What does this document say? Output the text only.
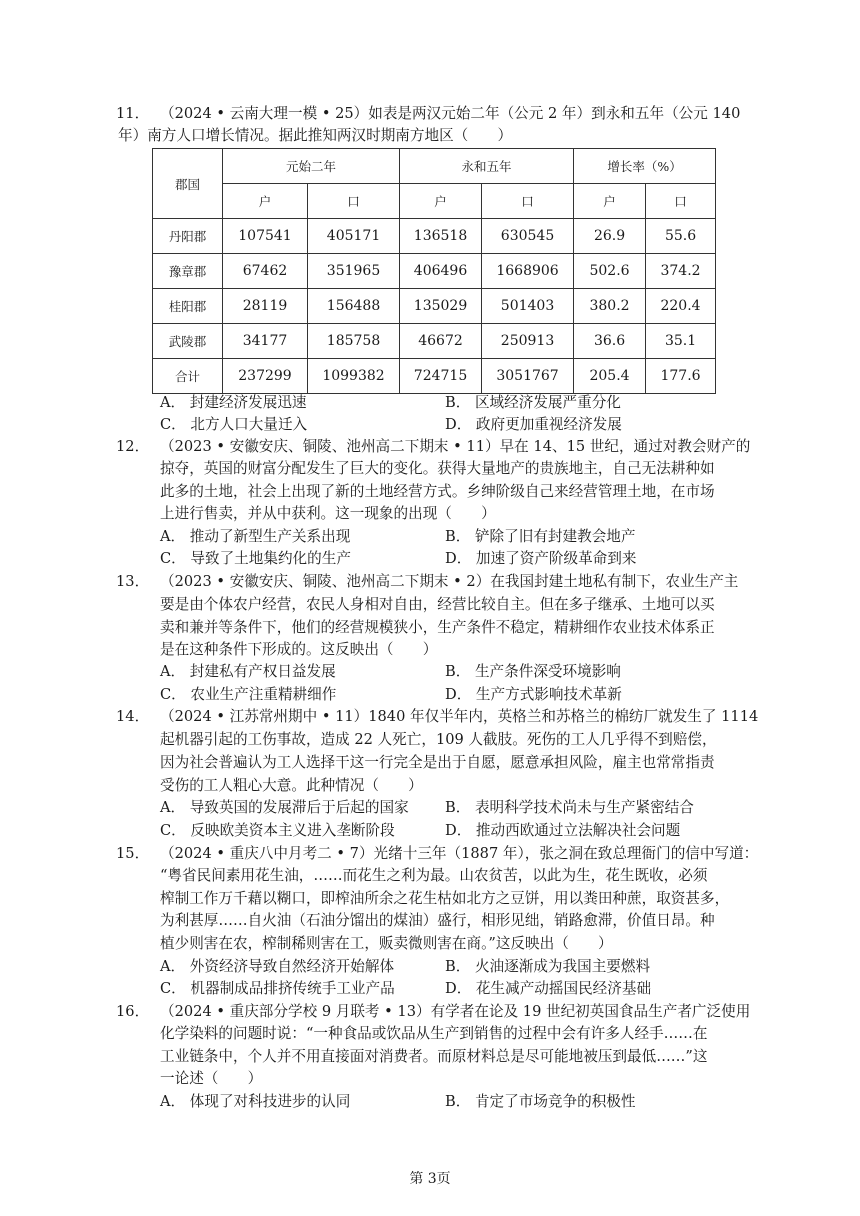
11． （2024 • 云南大理一模 • 25）如表是两汉元始二年（公元 2 年）到永和五年（公元 140
年）南方人口增长情况。据此推知两汉时期南方地区（　　）
郡国	元始二年		永和五年		增长率（%）	
	户	口	户	口	户	口
丹阳郡	107541	405171	136518	630545	26.9	55.6
豫章郡	67462	351965	406496	1668906	502.6	374.2
桂阳郡	28119	156488	135029	501403	380.2	220.4
武陵郡	34177	185758	46672	250913	36.6	35.1
合计	237299	1099382	724715	3051767	205.4	177.6
A． 封建经济发展迅速	B． 区域经济发展严重分化
C． 北方人口大量迁入	D． 政府更加重视经济发展
12． （2023 • 安徽安庆、铜陵、池州高二下期末 • 11）早在 14、15 世纪，通过对教会财产的
掠夺，英国的财富分配发生了巨大的变化。获得大量地产的贵族地主，自己无法耕种如
此多的土地，社会上出现了新的土地经营方式。乡绅阶级自己来经营管理土地，在市场
上进行售卖，并从中获利。这一现象的出现（　　）
A． 推动了新型生产关系出现	B． 铲除了旧有封建教会地产
C． 导致了土地集约化的生产	D． 加速了资产阶级革命到来
13． （2023 • 安徽安庆、铜陵、池州高二下期末 • 2）在我国封建土地私有制下，农业生产主
要是由个体农户经营，农民人身相对自由，经营比较自主。但在多子继承、土地可以买
卖和兼并等条件下，他们的经营规模狭小，生产条件不稳定，精耕细作农业技术体系正
是在这种条件下形成的。这反映出（　　）
A． 封建私有产权日益发展	B． 生产条件深受环境影响
C． 农业生产注重精耕细作	D． 生产方式影响技术革新
14． （2024 • 江苏常州期中 • 11）1840 年仅半年内，英格兰和苏格兰的棉纺厂就发生了 1114
起机器引起的工伤事故，造成 22 人死亡，109 人截肢。死伤的工人几乎得不到赔偿，
因为社会普遍认为工人选择干这一行完全是出于自愿，愿意承担风险，雇主也常常指责
受伤的工人粗心大意。此种情况（　　）
A． 导致英国的发展滞后于后起的国家 B． 表明科学技术尚未与生产紧密结合
C． 反映欧美资本主义进入垄断阶段	D． 推动西欧通过立法解决社会问题
15． （2024 • 重庆八中月考二 • 7）光绪十三年（1887 年），张之洞在致总理衙门的信中写道：
“粤省民间素用花生油，……而花生之利为最。山农贫苦，以此为生，花生既收，必须
榨制工作万千藉以糊口，即榨油所余之花生枯如北方之豆饼，用以粪田种蔗，取资甚多，
为利甚厚……自火油（石油分馏出的煤油）盛行，相形见绌，销路愈滞，价值日昂。种
植少则害在农，榨制稀则害在工，贩卖微则害在商。”这反映出（　　）
A． 外资经济导致自然经济开始解体	B． 火油逐渐成为我国主要燃料
C． 机器制成品排挤传统手工业产品	D． 花生减产动摇国民经济基础
16． （2024 • 重庆部分学校 9 月联考 • 13）有学者在论及 19 世纪初英国食品生产者广泛使用
化学染料的问题时说：“一种食品或饮品从生产到销售的过程中会有许多人经手……在
工业链条中，个人并不用直接面对消费者。而原材料总是尽可能地被压到最低……”这
一论述（　　）
A． 体现了对科技进步的认同	B． 肯定了市场竞争的积极性
第 3页
